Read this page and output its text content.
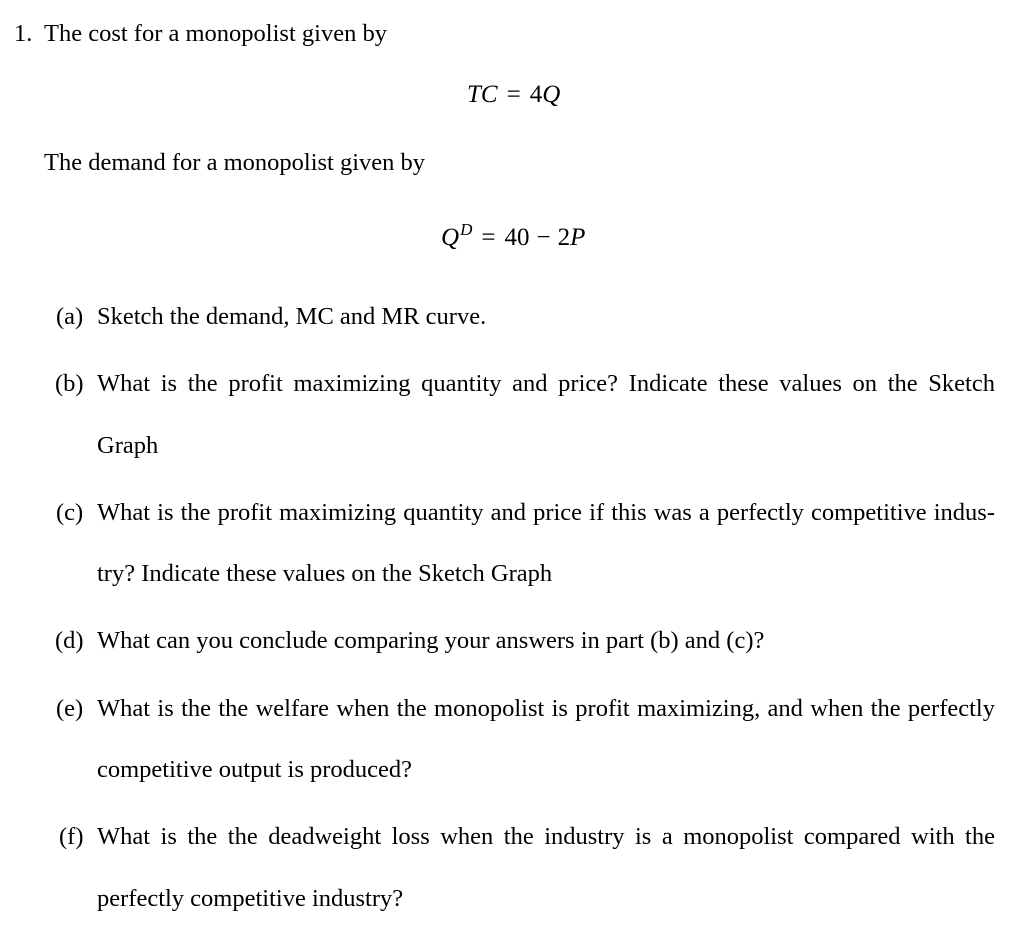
1. The cost for a monopolist given by
TC = 4Q
The demand for a monopolist given by
$Q^D = 40 - 2P$
(a) Sketch the demand, MC and MR curve.
(b) What is the profit maximizing quantity and price? Indicate these values on the Sketch
Graph
(c) What is the profit maximizing quantity and price if this was a perfectly competitive indus-
try? Indicate these values on the Sketch Graph
(d) What can you conclude comparing your answers in part (b) and (c)?
(e) What is the the welfare when the monopolist is profit maximizing, and when the perfectly
competitive output is produced?
(f) What is the the deadweight loss when the industry is a monopolist compared with the
perfectly competitive industry?
